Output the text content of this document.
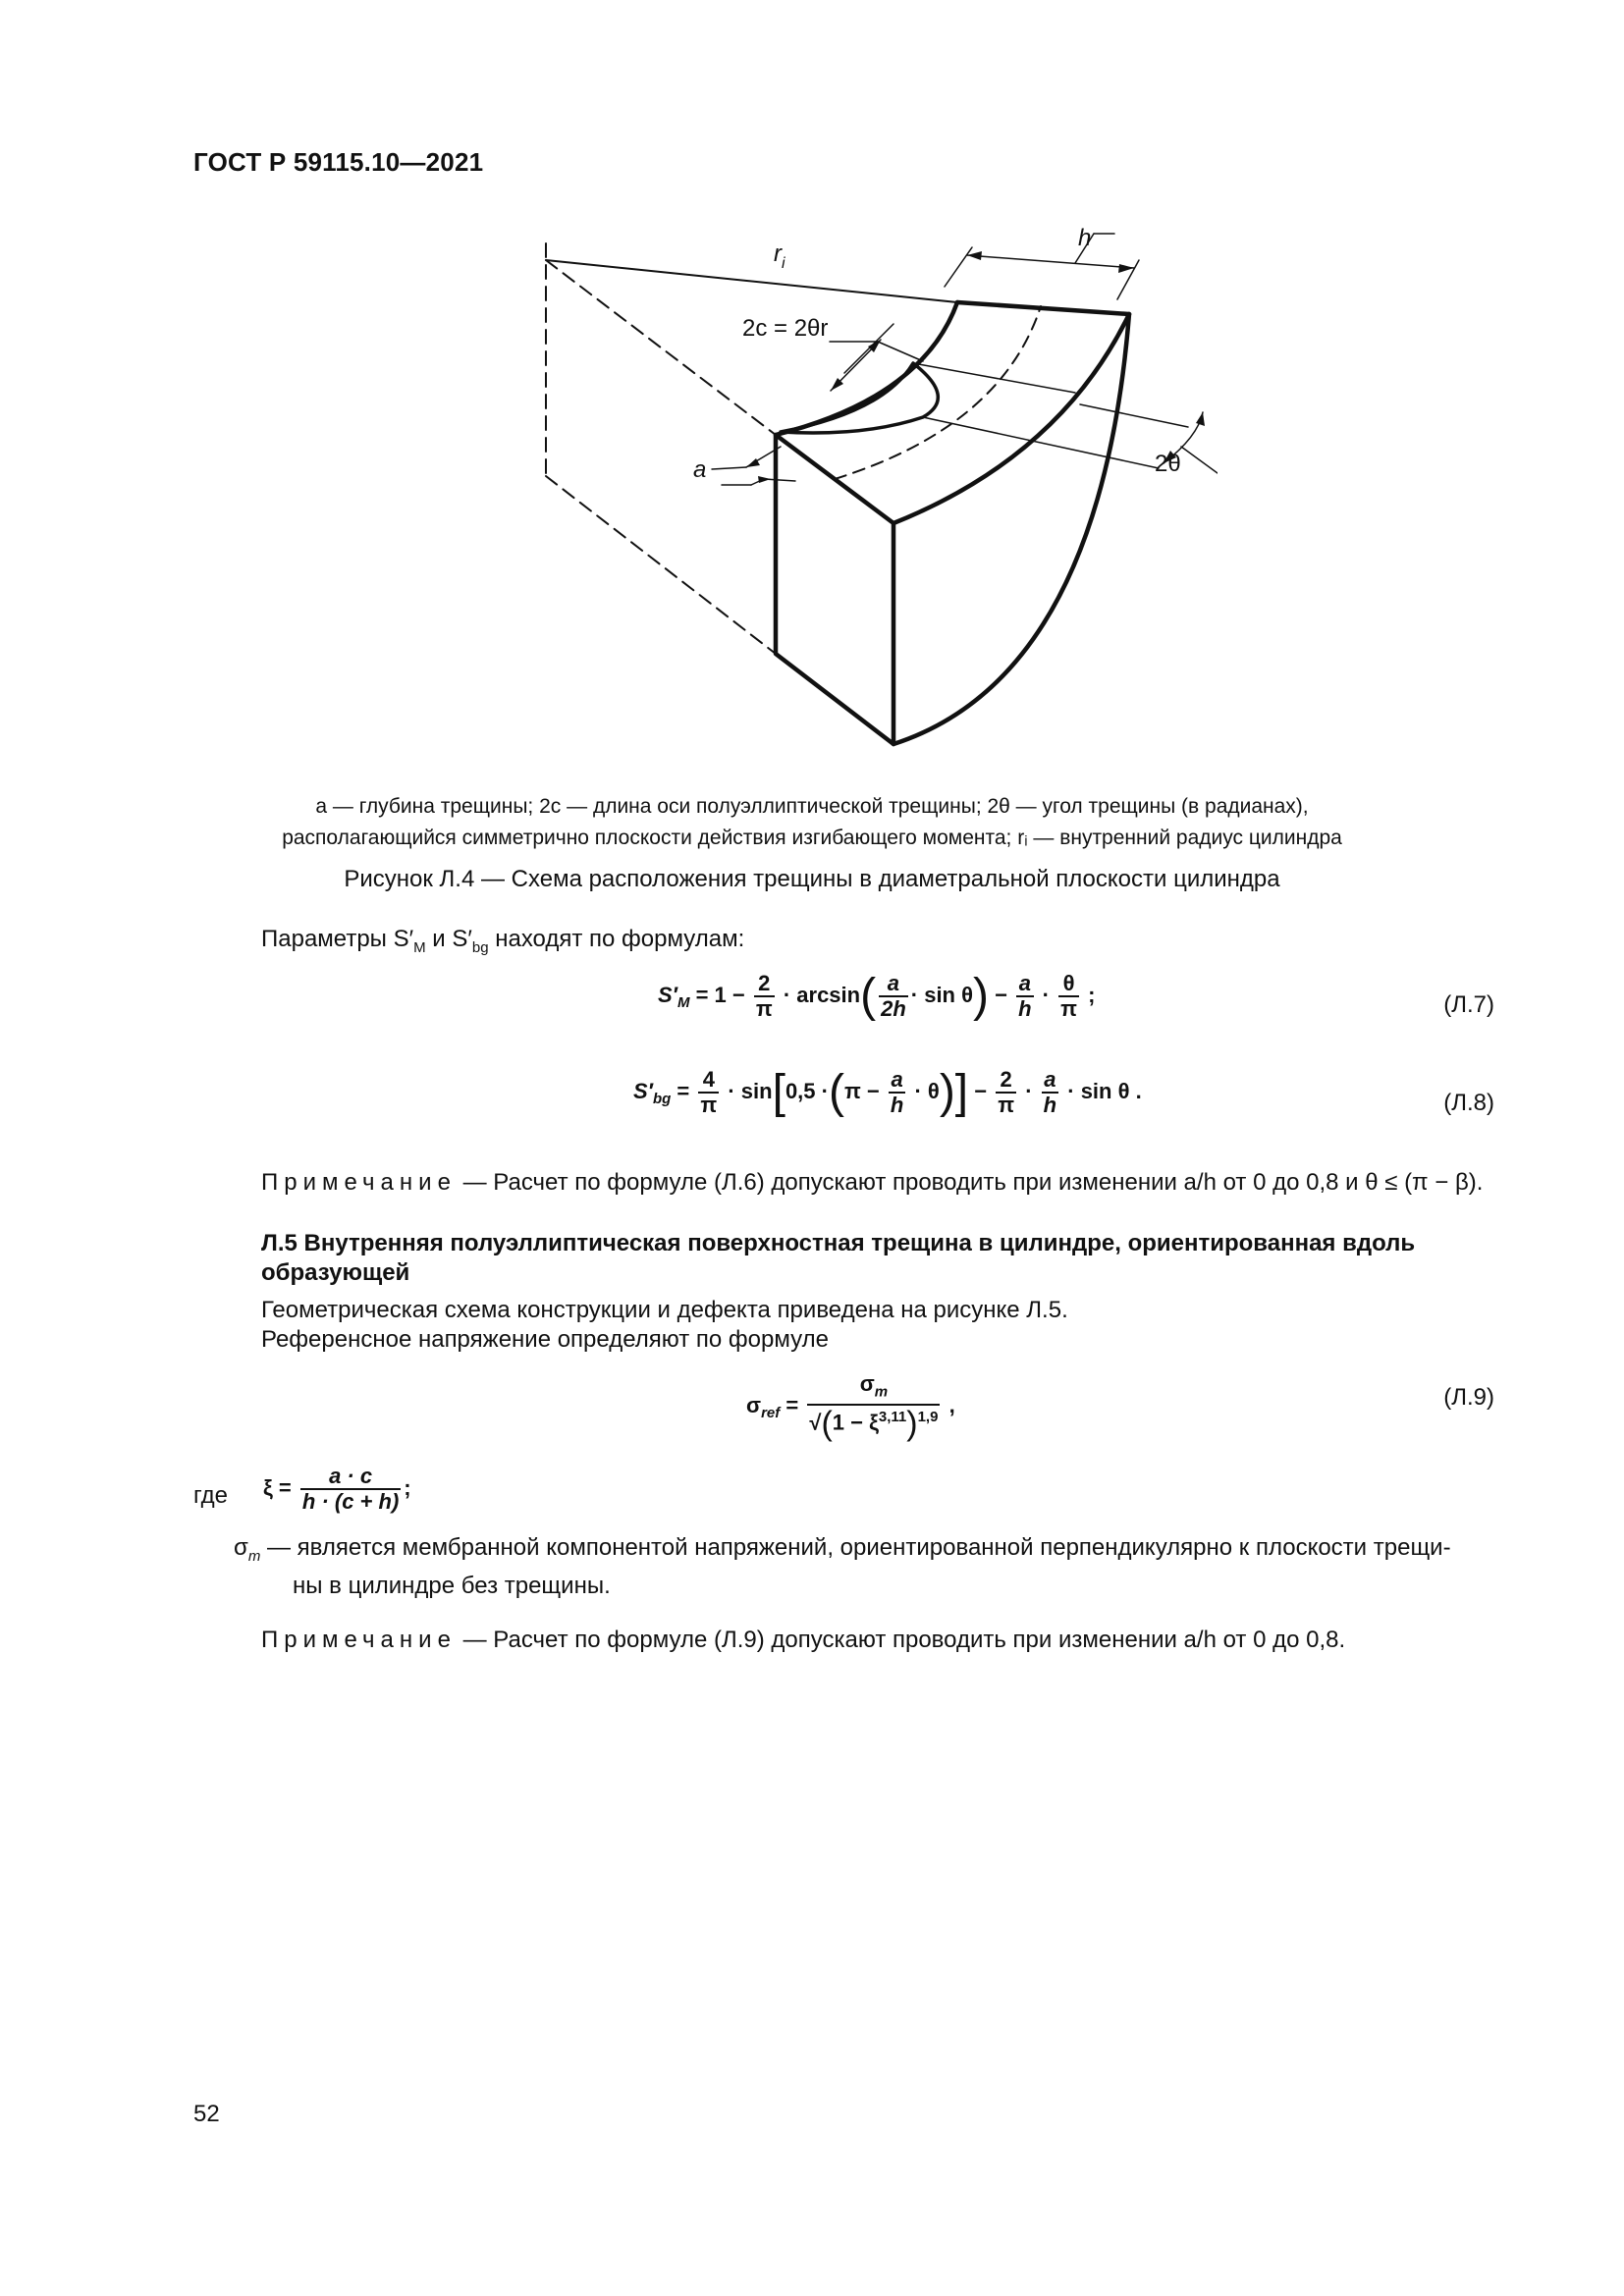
ГОСТ Р 59115.10—2021
$r_i$
h
2c = 2θr
2θ
a
a — глубина трещины; 2c — длина оси полуэллиптической трещины; 2θ — угол трещины (в радианах),
располагающийся симметрично плоскости действия изгибающего момента; rᵢ — внутренний радиус цилиндра
Рисунок Л.4 — Схема расположения трещины в диаметральной плоскости цилиндра
Параметры $S'_M$ и $S'_{bg}$ находят по формулам:
$S'_M = 1 - \frac{2}{\pi} \cdot \arcsin( \frac{a}{2h} \cdot \sin \theta) - \frac{a}{h} \cdot \frac{\theta}{\pi}$ ;	(Л.7)
$S'_{bg} = \frac{4}{\pi} \cdot \sin[0,5 \cdot(\pi - \frac{a}{h} \cdot \theta)] - \frac{2}{\pi} \cdot \frac{a}{h} \cdot \sin \theta$ .	(Л.8)
Примечание — Расчет по формуле (Л.6) допускают проводить при изменении a/h от 0 до 0,8 и θ ≤ (π − β).
Л.5 Внутренняя полуэллиптическая поверхностная трещина в цилиндре, ориентированная вдоль
образующей
Геометрическая схема конструкции и дефекта приведена на рисунке Л.5.
Референсное напряжение определяют по формуле
$\sigma_{ref} = \frac{\sigma_m}{√(1 - \xi^{3,11})^{1,9}}$ ,	(Л.9)
где $\xi = \frac{a \cdot c}{h \cdot (c + h)}$ ;
$\sigma_m$ — является мембранной компонентой напряжений, ориентированной перпендикулярно к плоскости трещи-
ны в цилиндре без трещины.
Примечание — Расчет по формуле (Л.9) допускают проводить при изменении a/h от 0 до 0,8.
52
